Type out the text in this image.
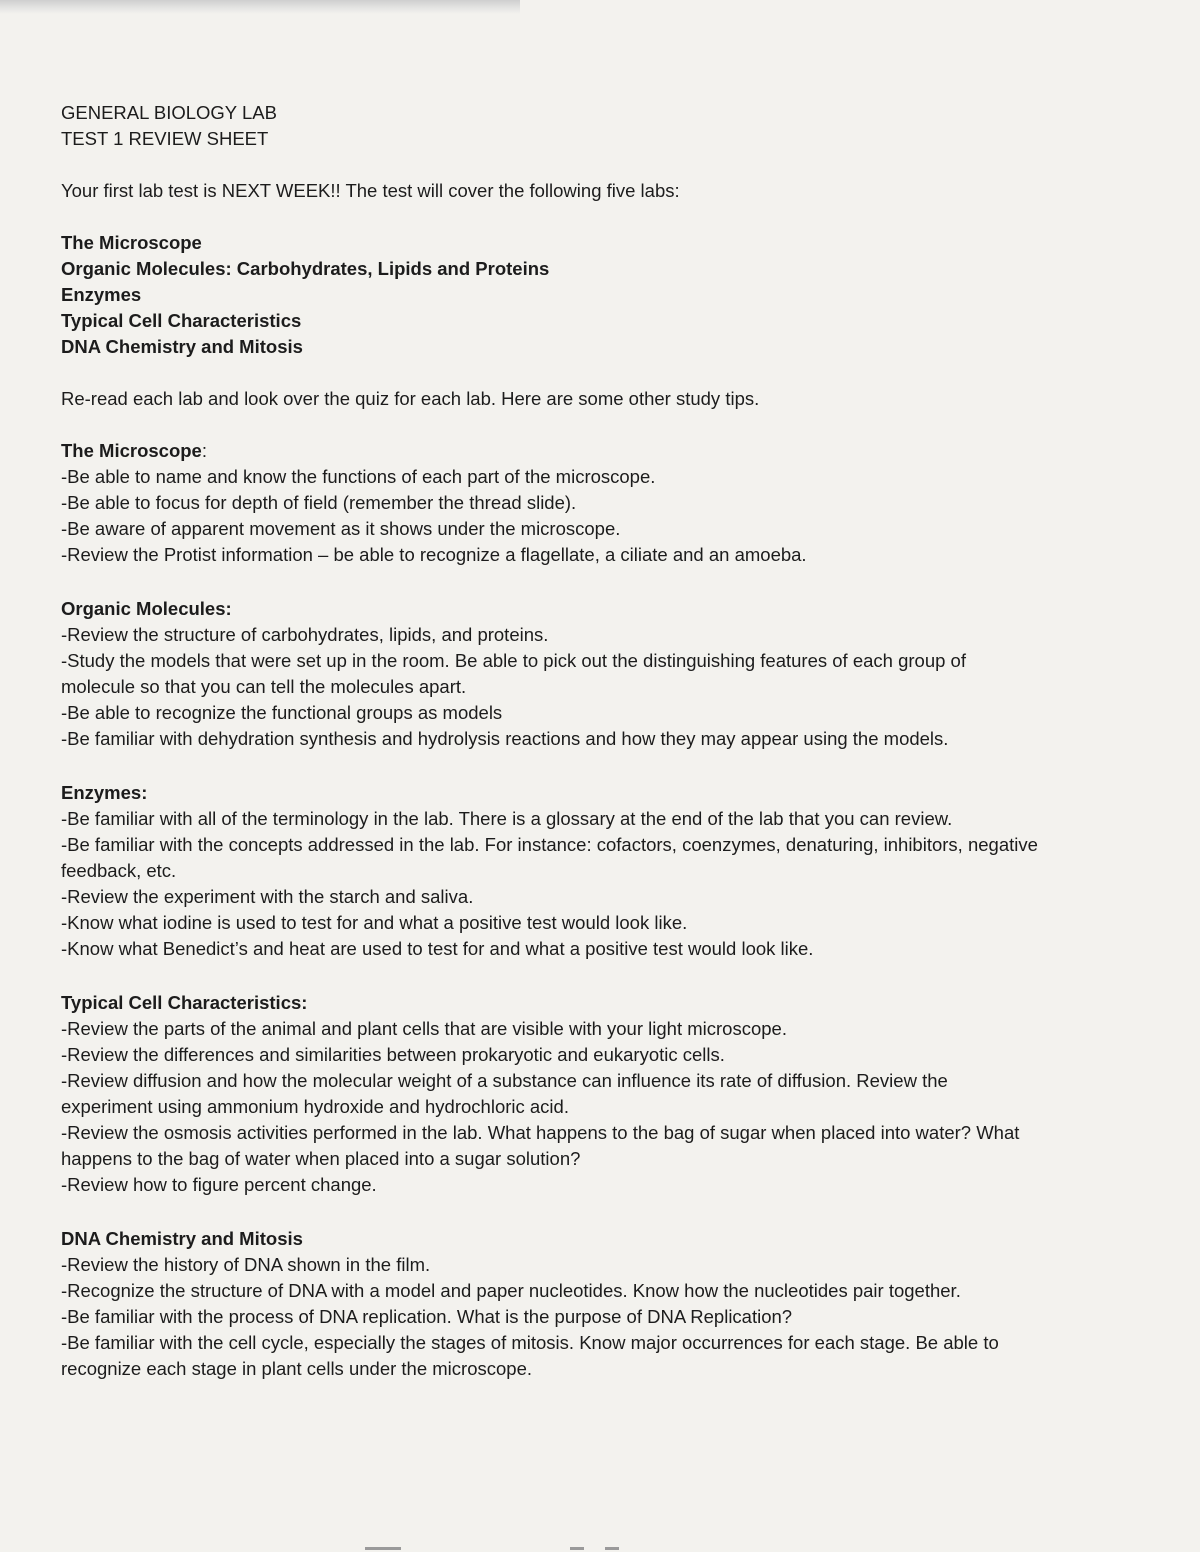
GENERAL BIOLOGY LAB
TEST 1 REVIEW SHEET
Your first lab test is NEXT WEEK!! The test will cover the following five labs:
The Microscope
Organic Molecules: Carbohydrates, Lipids and Proteins
Enzymes
Typical Cell Characteristics
DNA Chemistry and Mitosis
Re-read each lab and look over the quiz for each lab. Here are some other study tips.
The Microscope:
-Be able to name and know the functions of each part of the microscope.
-Be able to focus for depth of field (remember the thread slide).
-Be aware of apparent movement as it shows under the microscope.
-Review the Protist information – be able to recognize a flagellate, a ciliate and an amoeba.
Organic Molecules:
-Review the structure of carbohydrates, lipids, and proteins.
-Study the models that were set up in the room. Be able to pick out the distinguishing features of each group of
molecule so that you can tell the molecules apart.
-Be able to recognize the functional groups as models
-Be familiar with dehydration synthesis and hydrolysis reactions and how they may appear using the models.
Enzymes:
-Be familiar with all of the terminology in the lab. There is a glossary at the end of the lab that you can review.
-Be familiar with the concepts addressed in the lab. For instance: cofactors, coenzymes, denaturing, inhibitors, negative
feedback, etc.
-Review the experiment with the starch and saliva.
-Know what iodine is used to test for and what a positive test would look like.
-Know what Benedict’s and heat are used to test for and what a positive test would look like.
Typical Cell Characteristics:
-Review the parts of the animal and plant cells that are visible with your light microscope.
-Review the differences and similarities between prokaryotic and eukaryotic cells.
-Review diffusion and how the molecular weight of a substance can influence its rate of diffusion. Review the
experiment using ammonium hydroxide and hydrochloric acid.
-Review the osmosis activities performed in the lab. What happens to the bag of sugar when placed into water? What
happens to the bag of water when placed into a sugar solution?
-Review how to figure percent change.
DNA Chemistry and Mitosis
-Review the history of DNA shown in the film.
-Recognize the structure of DNA with a model and paper nucleotides. Know how the nucleotides pair together.
-Be familiar with the process of DNA replication. What is the purpose of DNA Replication?
-Be familiar with the cell cycle, especially the stages of mitosis. Know major occurrences for each stage. Be able to
recognize each stage in plant cells under the microscope.
